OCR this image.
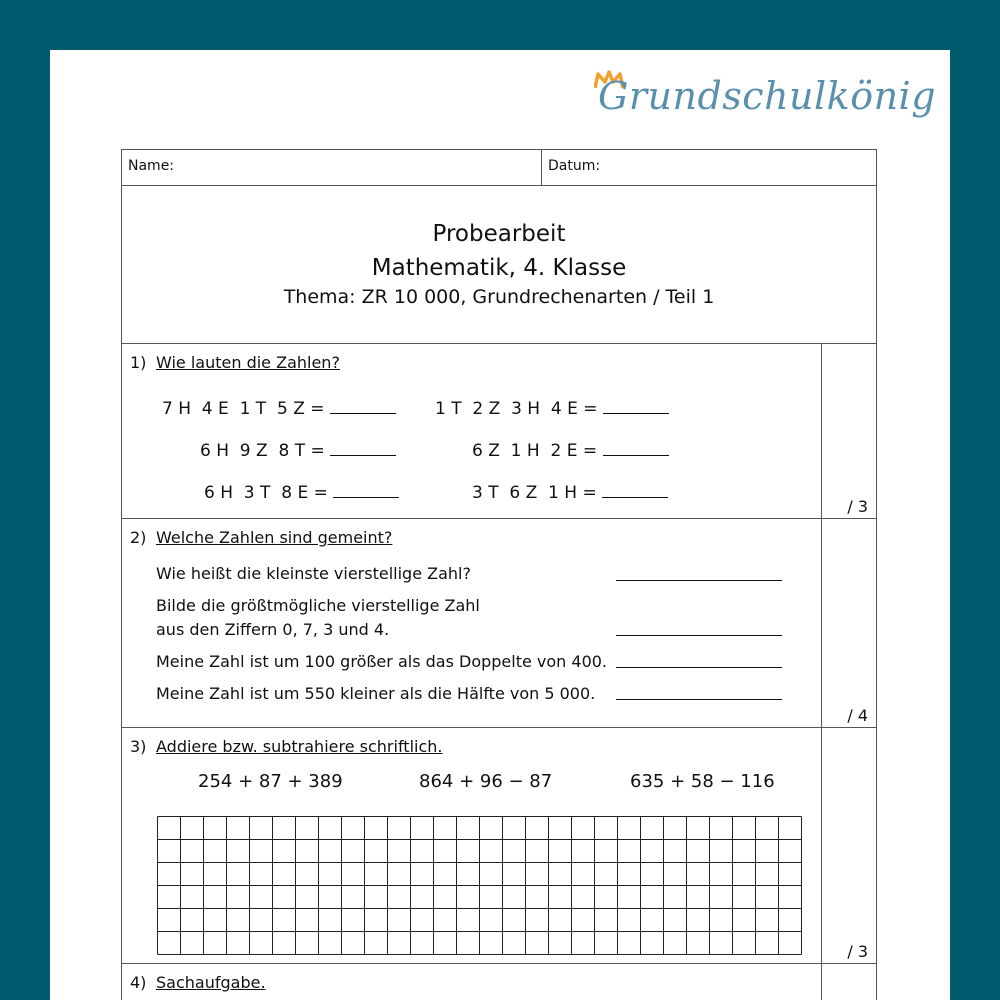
Grundschulkönig
Name:	Datum:
Probearbeit
Mathematik, 4. Klasse
Thema: ZR 10 000, Grundrechenarten / Teil 1
1) Wie lauten die Zahlen?
7 H  4 E  1 T  5 Z =	1 T  2 Z  3 H  4 E =
6 H  9 Z  8 T =	6 Z  1 H  2 E =
6 H  3 T  8 E =	3 T  6 Z  1 H =
/ 3
2) Welche Zahlen sind gemeint?
Wie heißt die kleinste vierstellige Zahl?
Bilde die größtmögliche vierstellige Zahl
aus den Ziffern 0, 7, 3 und 4.
Meine Zahl ist um 100 größer als das Doppelte von 400.
Meine Zahl ist um 550 kleiner als die Hälfte von 5 000.
/ 4
3) Addiere bzw. subtrahiere schriftlich.
254 + 87 + 389	864 + 96 − 87	635 + 58 − 116
/ 3
4) Sachaufgabe.
